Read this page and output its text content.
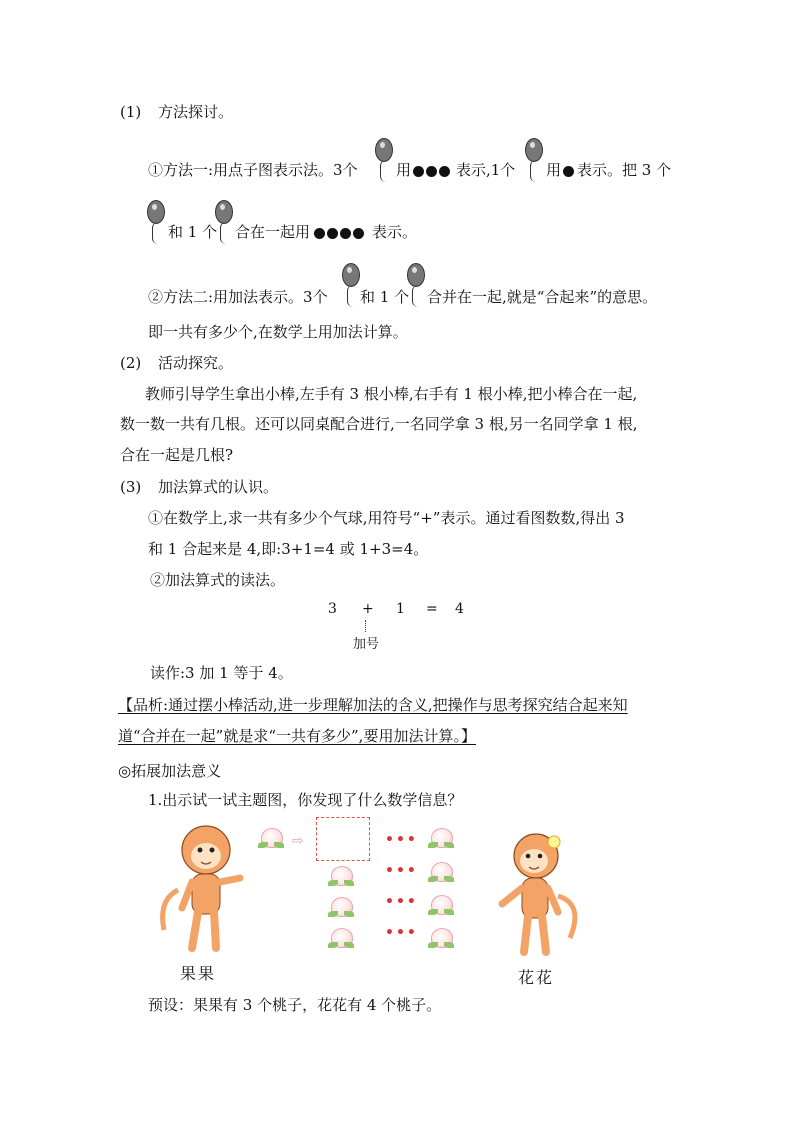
(1) 方法探讨。
①方法一:用点子图表示法。3个	用	表示,1个 用 表示。把 3 个
和 1 个 合在一起用	表示。
②方法二:用加法表示。3个 和 1 个 合并在一起,就是“合起来”的意思。
即一共有多少个,在数学上用加法计算。
(2) 活动探究。
教师引导学生拿出小棒,左手有 3 根小棒,右手有 1 根小棒,把小棒合在一起,
数一数一共有几根。还可以同桌配合进行,一名同学拿 3 根,另一名同学拿 1 根,
合在一起是几根?
(3) 加法算式的认识。
①在数学上,求一共有多少个气球,用符号“+”表示。通过看图数数,得出 3
和 1 合起来是 4,即:3+1=4 或 1+3=4。
②加法算式的读法。
3 + 1 = 4
加号
读作:3 加 1 等于 4。
【品析:通过摆小棒活动,进一步理解加法的含义,把操作与思考探究结合起来知
道“合并在一起”就是求“一共有多少”,要用加法计算。】
◎拓展加法意义
1.出示试一试主题图，你发现了什么数学信息？
⇨	•••
•••
•••
•••
果果	花花
预设：果果有 3 个桃子，花花有 4 个桃子。
